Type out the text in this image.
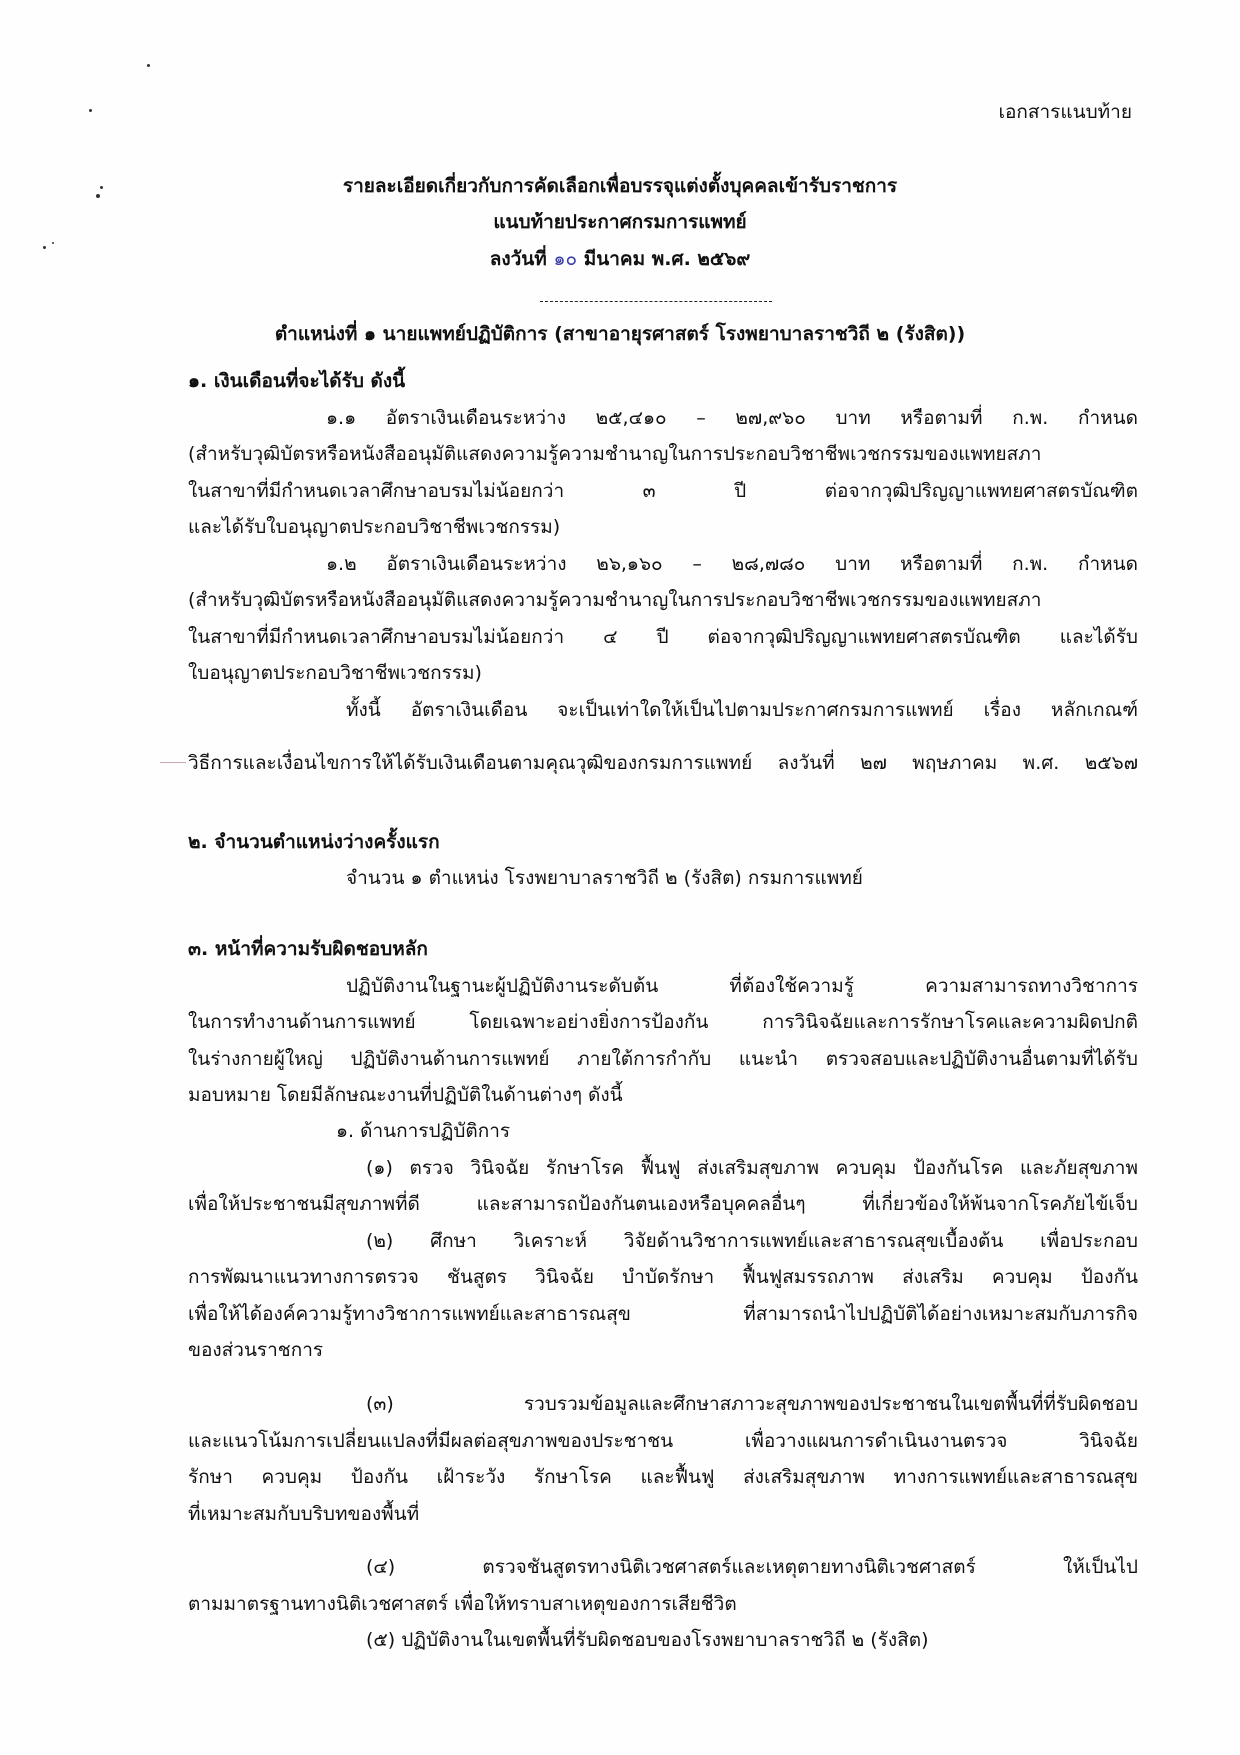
เอกสารแนบท้าย
รายละเอียดเกี่ยวกับการคัดเลือกเพื่อบรรจุแต่งตั้งบุคคลเข้ารับราชการ
แนบท้ายประกาศกรมการแพทย์
ลงวันที่ ๑๐ มีนาคม พ.ศ. ๒๕๖๙
ตำแหน่งที่ ๑ นายแพทย์ปฏิบัติการ (สาขาอายุรศาสตร์ โรงพยาบาลราชวิถี ๒ (รังสิต))
๑. เงินเดือนที่จะได้รับ ดังนี้
๑.๑ อัตราเงินเดือนระหว่าง ๒๕,๔๑๐ – ๒๗,๙๖๐ บาท หรือตามที่ ก.พ. กำหนด
(สำหรับวุฒิบัตรหรือหนังสืออนุมัติแสดงความรู้ความชำนาญในการประกอบวิชาชีพเวชกรรมของแพทยสภา
ในสาขาที่มีกำหนดเวลาศึกษาอบรมไม่น้อยกว่า ๓ ปี ต่อจากวุฒิปริญญาแพทยศาสตรบัณฑิต
และได้รับใบอนุญาตประกอบวิชาชีพเวชกรรม)
๑.๒ อัตราเงินเดือนระหว่าง ๒๖,๑๖๐ – ๒๘,๗๘๐ บาท หรือตามที่ ก.พ. กำหนด
(สำหรับวุฒิบัตรหรือหนังสืออนุมัติแสดงความรู้ความชำนาญในการประกอบวิชาชีพเวชกรรมของแพทยสภา
ในสาขาที่มีกำหนดเวลาศึกษาอบรมไม่น้อยกว่า ๔ ปี ต่อจากวุฒิปริญญาแพทยศาสตรบัณฑิต และได้รับ
ใบอนุญาตประกอบวิชาชีพเวชกรรม)
ทั้งนี้ อัตราเงินเดือน จะเป็นเท่าใดให้เป็นไปตามประกาศกรมการแพทย์ เรื่อง หลักเกณฑ์
วิธีการและเงื่อนไขการให้ได้รับเงินเดือนตามคุณวุฒิของกรมการแพทย์ ลงวันที่ ๒๗ พฤษภาคม พ.ศ. ๒๕๖๗
๒. จำนวนตำแหน่งว่างครั้งแรก
จำนวน ๑ ตำแหน่ง โรงพยาบาลราชวิถี ๒ (รังสิต) กรมการแพทย์
๓. หน้าที่ความรับผิดชอบหลัก
ปฏิบัติงานในฐานะผู้ปฏิบัติงานระดับต้น ที่ต้องใช้ความรู้ ความสามารถทางวิชาการ
ในการทำงานด้านการแพทย์ โดยเฉพาะอย่างยิ่งการป้องกัน การวินิจฉัยและการรักษาโรคและความผิดปกติ
ในร่างกายผู้ใหญ่ ปฏิบัติงานด้านการแพทย์ ภายใต้การกำกับ แนะนำ ตรวจสอบและปฏิบัติงานอื่นตามที่ได้รับ
มอบหมาย โดยมีลักษณะงานที่ปฏิบัติในด้านต่างๆ ดังนี้
๑. ด้านการปฏิบัติการ
(๑) ตรวจ วินิจฉัย รักษาโรค ฟื้นฟู ส่งเสริมสุขภาพ ควบคุม ป้องกันโรค และภัยสุขภาพ
เพื่อให้ประชาชนมีสุขภาพที่ดี และสามารถป้องกันตนเองหรือบุคคลอื่นๆ ที่เกี่ยวข้องให้พ้นจากโรคภัยไข้เจ็บ
(๒) ศึกษา วิเคราะห์ วิจัยด้านวิชาการแพทย์และสาธารณสุขเบื้องต้น เพื่อประกอบ
การพัฒนาแนวทางการตรวจ ชันสูตร วินิจฉัย บำบัดรักษา ฟื้นฟูสมรรถภาพ ส่งเสริม ควบคุม ป้องกัน
เพื่อให้ได้องค์ความรู้ทางวิชาการแพทย์และสาธารณสุข ที่สามารถนำไปปฏิบัติได้อย่างเหมาะสมกับภารกิจ
ของส่วนราชการ
(๓) รวบรวมข้อมูลและศึกษาสภาวะสุขภาพของประชาชนในเขตพื้นที่ที่รับผิดชอบ
และแนวโน้มการเปลี่ยนแปลงที่มีผลต่อสุขภาพของประชาชน เพื่อวางแผนการดำเนินงานตรวจ วินิจฉัย
รักษา ควบคุม ป้องกัน เฝ้าระวัง รักษาโรค และฟื้นฟู ส่งเสริมสุขภาพ ทางการแพทย์และสาธารณสุข
ที่เหมาะสมกับบริบทของพื้นที่
(๔) ตรวจชันสูตรทางนิติเวชศาสตร์และเหตุตายทางนิติเวชศาสตร์ ให้เป็นไป
ตามมาตรฐานทางนิติเวชศาสตร์ เพื่อให้ทราบสาเหตุของการเสียชีวิต
(๕) ปฏิบัติงานในเขตพื้นที่รับผิดชอบของโรงพยาบาลราชวิถี ๒ (รังสิต)
